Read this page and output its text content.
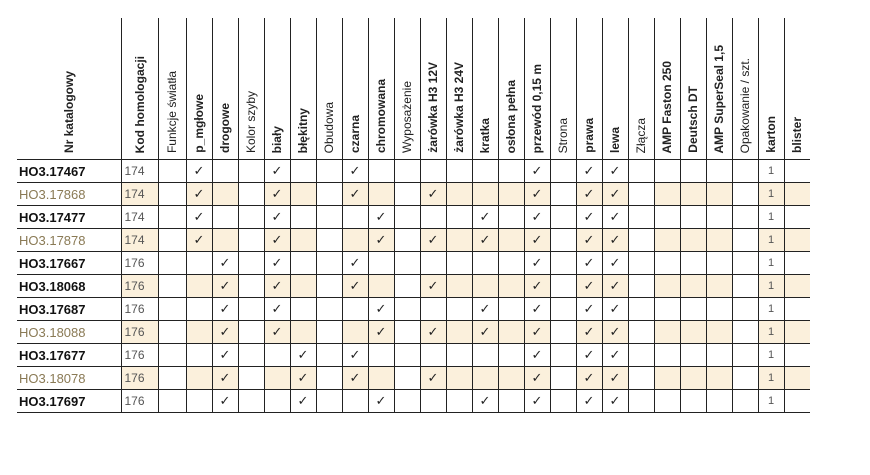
Nr katalogowy	Kod homologacji	Funkcje światła	p_mgłowe	drogowe	Kolor szyby	biały	błękitny	Obudowa	czarna	chromowana	Wyposażenie	żarówka H3 12V	żarówka H3 24V	kratka	osłona pełna	przewód 0,15 m	Strona	prawa	lewa	Złącza	AMP Faston 250	Deutsch DT	AMP SuperSeal 1,5	Opakowanie / szt.	karton	blister

HO3.17467	174		✓			✓			✓							✓		✓	✓						1	
HO3.17868	174		✓			✓			✓			✓				✓		✓	✓						1	
HO3.17477	174		✓			✓				✓				✓		✓		✓	✓						1	
HO3.17878	174		✓			✓				✓		✓		✓		✓		✓	✓						1	
HO3.17667	176			✓		✓			✓							✓		✓	✓						1	
HO3.18068	176			✓		✓			✓			✓				✓		✓	✓						1	
HO3.17687	176			✓		✓				✓				✓		✓		✓	✓						1	
HO3.18088	176			✓		✓				✓		✓		✓		✓		✓	✓						1	
HO3.17677	176			✓			✓		✓							✓		✓	✓						1	
HO3.18078	176			✓			✓		✓			✓				✓		✓	✓						1	
HO3.17697	176			✓			✓			✓				✓		✓		✓	✓						1	
